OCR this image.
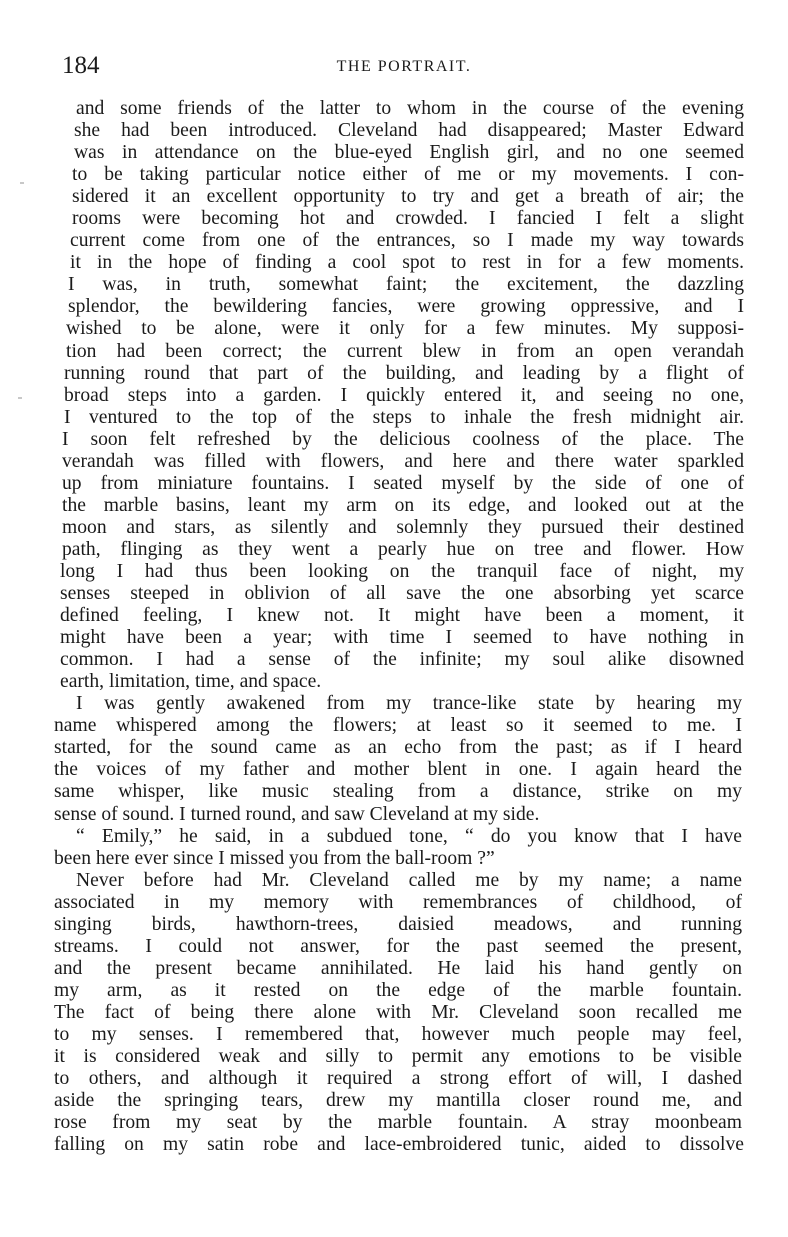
184	THE PORTRAIT.
and some friends of the latter to whom in the course of the evening
she had been introduced. Cleveland had disappeared; Master Edward
was in attendance on the blue-eyed English girl, and no one seemed
to be taking particular notice either of me or my movements. I con-
sidered it an excellent opportunity to try and get a breath of air; the
rooms were becoming hot and crowded. I fancied I felt a slight
current come from one of the entrances, so I made my way towards
it in the hope of finding a cool spot to rest in for a few moments.
I was, in truth, somewhat faint; the excitement, the dazzling
splendor, the bewildering fancies, were growing oppressive, and I
wished to be alone, were it only for a few minutes. My supposi-
tion had been correct; the current blew in from an open verandah
running round that part of the building, and leading by a flight of
broad steps into a garden. I quickly entered it, and seeing no one,
I ventured to the top of the steps to inhale the fresh midnight air.
I soon felt refreshed by the delicious coolness of the place. The
verandah was filled with flowers, and here and there water sparkled
up from miniature fountains. I seated myself by the side of one of
the marble basins, leant my arm on its edge, and looked out at the
moon and stars, as silently and solemnly they pursued their destined
path, flinging as they went a pearly hue on tree and flower. How
long I had thus been looking on the tranquil face of night, my
senses steeped in oblivion of all save the one absorbing yet scarce
defined feeling, I knew not. It might have been a moment, it
might have been a year; with time I seemed to have nothing in
common. I had a sense of the infinite; my soul alike disowned
earth, limitation, time, and space.
I was gently awakened from my trance-like state by hearing my
name whispered among the flowers; at least so it seemed to me. I
started, for the sound came as an echo from the past; as if I heard
the voices of my father and mother blent in one. I again heard the
same whisper, like music stealing from a distance, strike on my
sense of sound. I turned round, and saw Cleveland at my side.
“ Emily,” he said, in a subdued tone, “ do you know that I have
been here ever since I missed you from the ball-room ?”
Never before had Mr. Cleveland called me by my name; a name
associated in my memory with remembrances of childhood, of
singing birds, hawthorn-trees, daisied meadows, and running
streams. I could not answer, for the past seemed the present,
and the present became annihilated. He laid his hand gently on
my arm, as it rested on the edge of the marble fountain.
The fact of being there alone with Mr. Cleveland soon recalled me
to my senses. I remembered that, however much people may feel,
it is considered weak and silly to permit any emotions to be visible
to others, and although it required a strong effort of will, I dashed
aside the springing tears, drew my mantilla closer round me, and
rose from my seat by the marble fountain. A stray moonbeam
falling on my satin robe and lace-embroidered tunic, aided to dissolve
